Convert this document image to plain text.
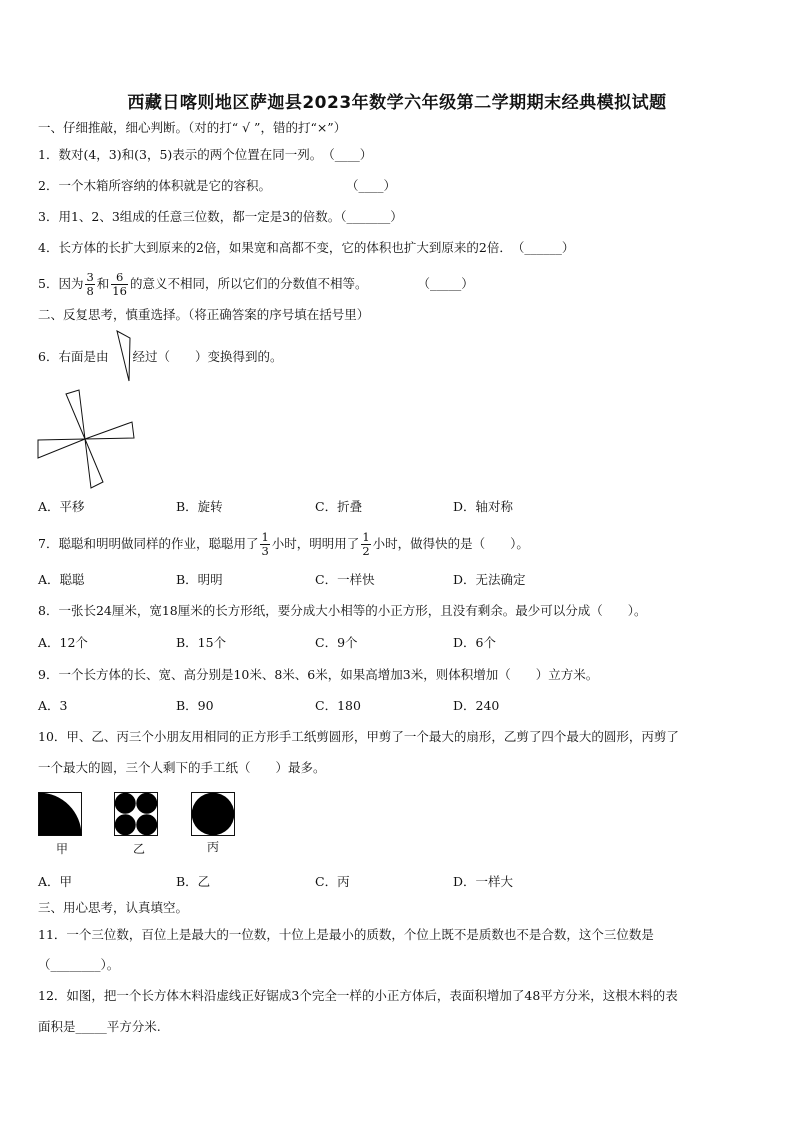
西藏日喀则地区萨迦县2023年数学六年级第二学期期末经典模拟试题
一、仔细推敲，细心判断。（对的打“ √ ”，错的打“×”）
1．数对(4，3)和(3，5)表示的两个位置在同一列。　（____）
2．一个木箱所容纳的体积就是它的容积。　　　　　　　（____）
3．用1、2、3组成的任意三位数，都一定是3的倍数。（_______）
4．长方体的长扩大到原来的2倍，如果宽和高都不变，它的体积也扩大到原来的2倍．　（______）
5．因为 $\frac{3}{8}$ 和 $\frac{6}{16}$ 的意义不相同，所以它们的分数值不相等。　　　　　（_____）
二、反复思考，慎重选择。（将正确答案的序号填在括号里）
6．右面是由 经过（　　）变换得到的。
A．平移	B．旋转	C．折叠	D．轴对称
7．聪聪和明明做同样的作业，聪聪用了 $\frac{1}{3}$ 小时，明明用了 $\frac{1}{2}$ 小时，做得快的是（　　）。
A．聪聪	B．明明	C．一样快	D．无法确定
8．一张长24厘米，宽18厘米的长方形纸，要分成大小相等的小正方形，且没有剩余。最少可以分成（　　）。
A．12个	B．15个	C．9个	D．6个
9．一个长方体的长、宽、高分别是10米、8米、6米，如果高增加3米，则体积增加（　　）立方米。
A．3	B．90	C．180	D．240
10．甲、乙、丙三个小朋友用相同的正方形手工纸剪圆形，甲剪了一个最大的扇形，乙剪了四个最大的圆形，丙剪了
一个最大的圆，三个人剩下的手工纸（　　）最多。
甲	乙	丙
A．甲	B．乙	C．丙	D．一样大
三、用心思考，认真填空。
11．一个三位数，百位上是最大的一位数，十位上是最小的质数，个位上既不是质数也不是合数，这个三位数是
（________）。
12．如图，把一个长方体木料沿虚线正好锯成3个完全一样的小正方体后，表面积增加了48平方分米，这根木料的表
面积是_____平方分米.
